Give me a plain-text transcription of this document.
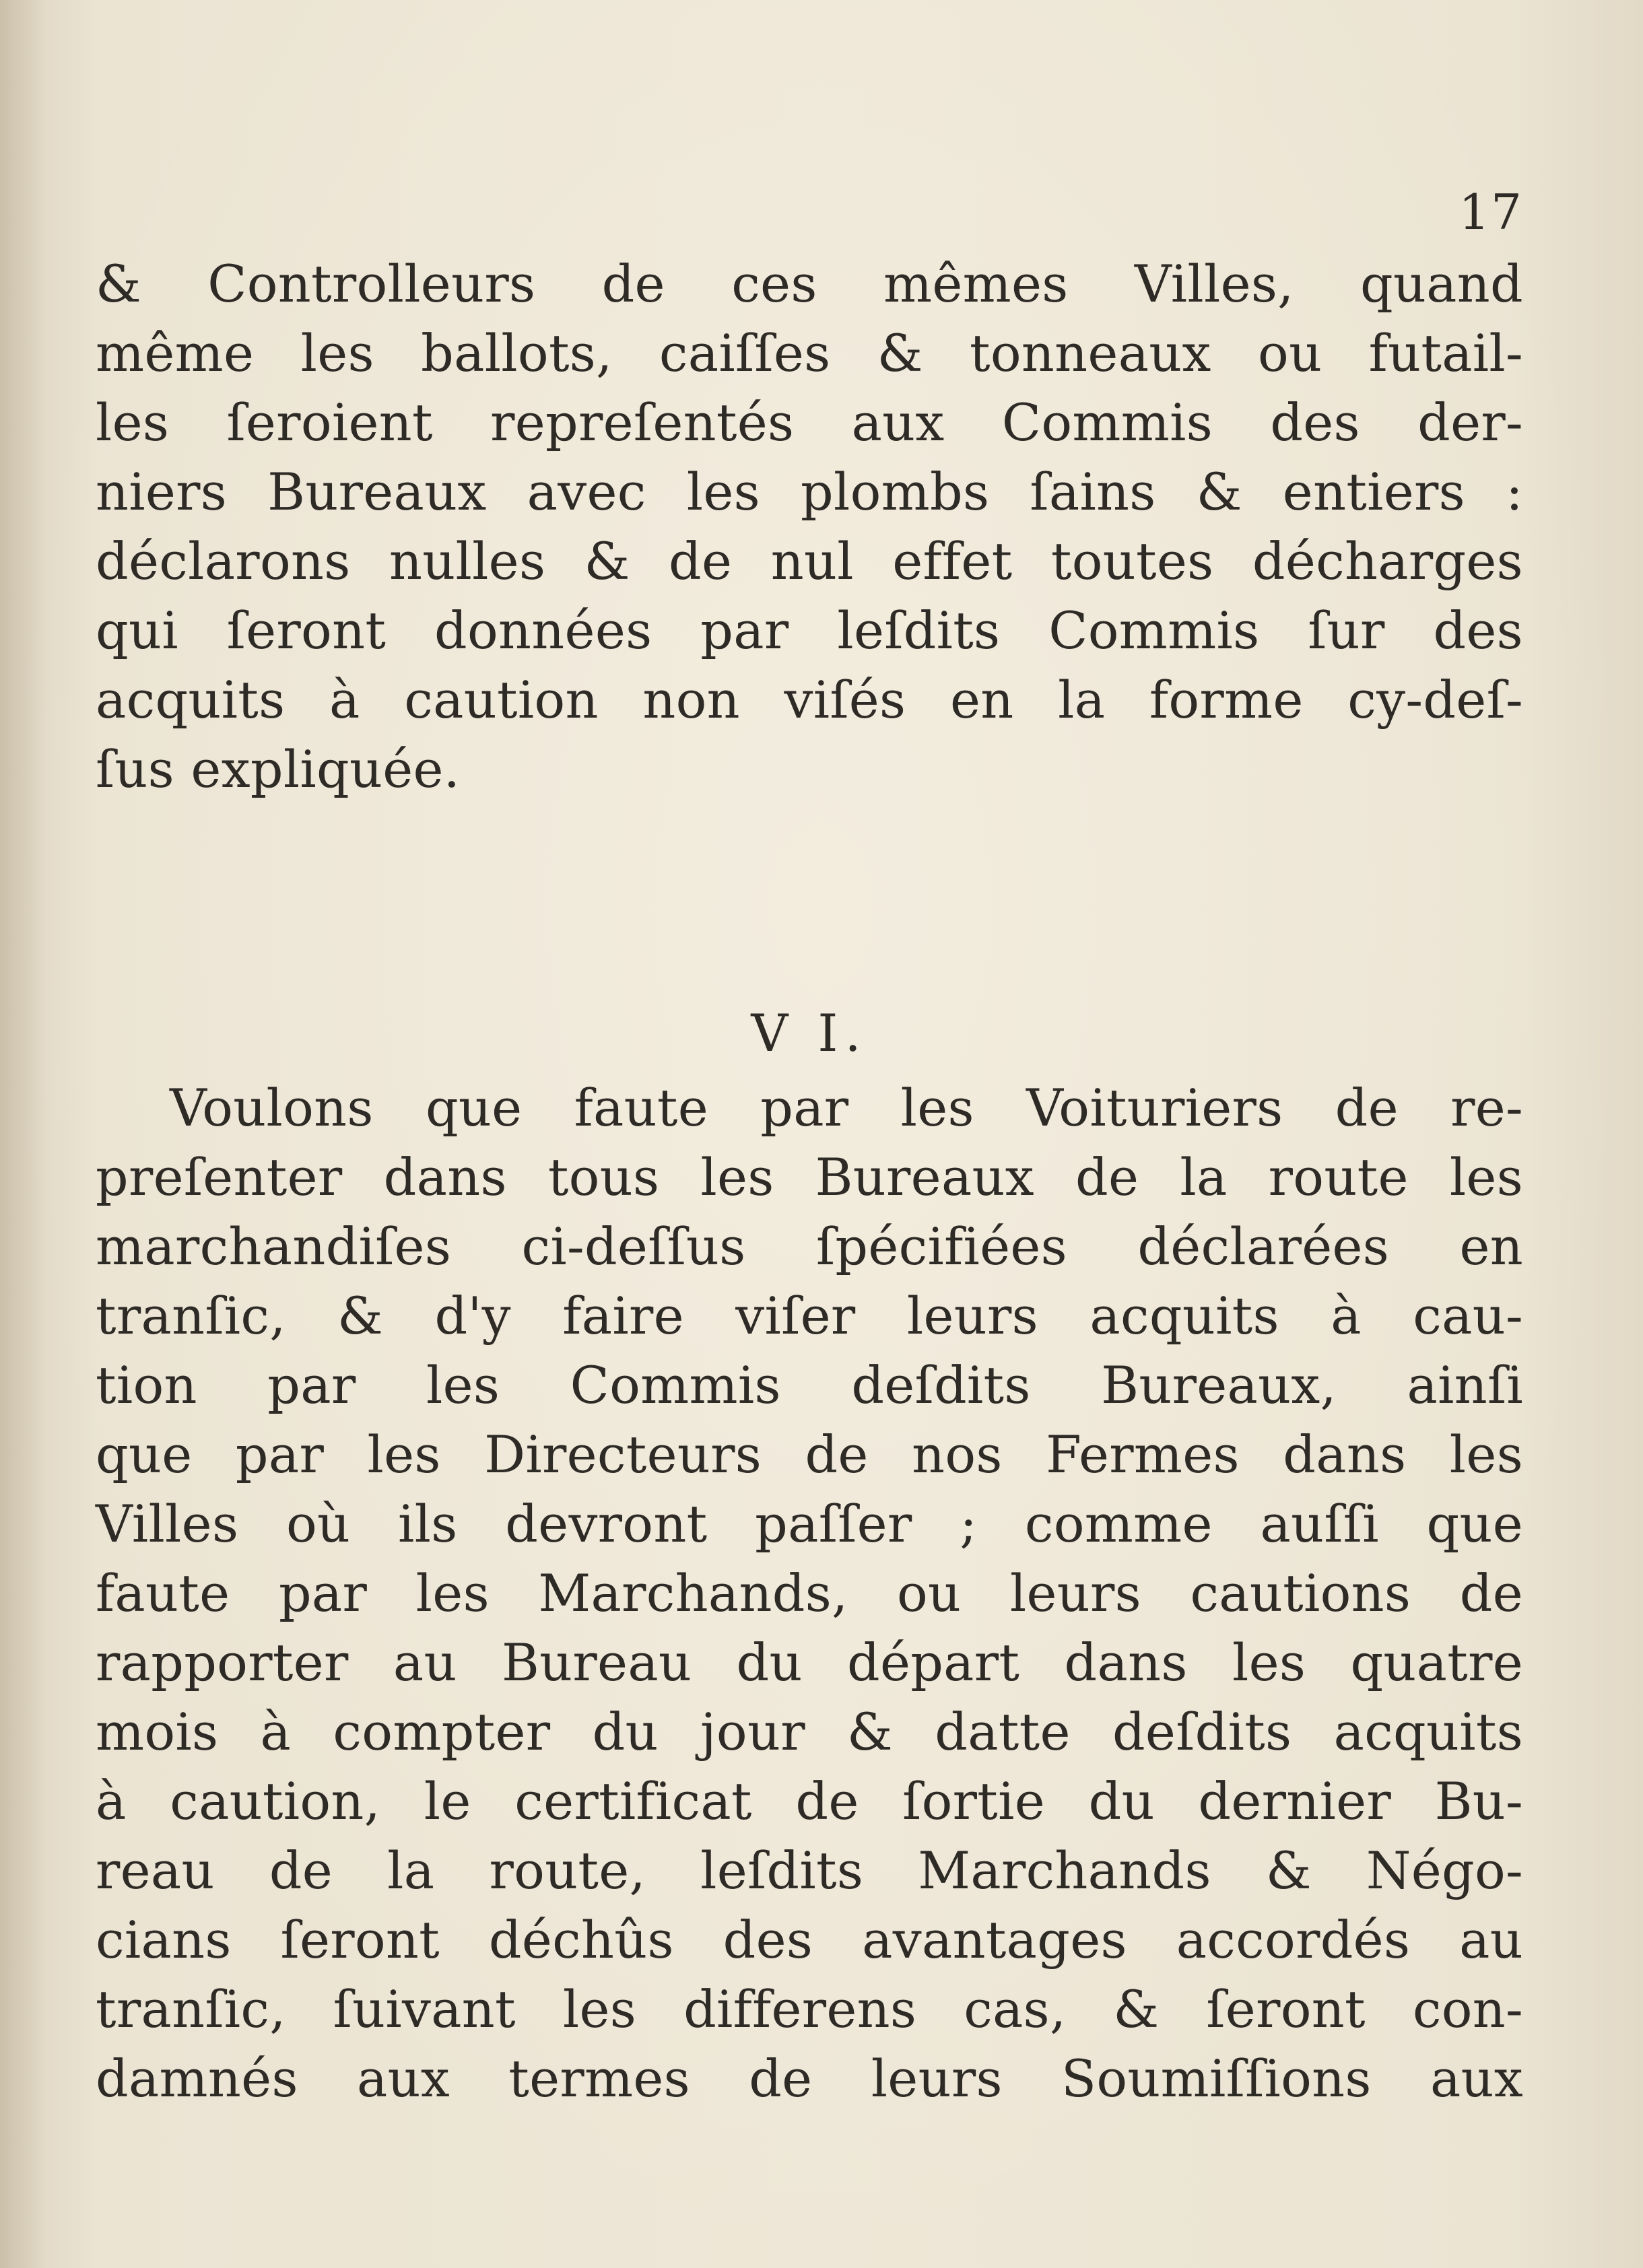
17
& Controlleurs de ces mêmes Villes, quand
même les ballots, caiſſes & tonneaux ou futail-
les ſeroient repreſentés aux Commis des der-
niers Bureaux avec les plombs ſains & entiers :
déclarons nulles & de nul effet toutes décharges
qui ſeront données par leſdits Commis ſur des
acquits à caution non viſés en la forme cy-deſ-
ſus expliquée.
V I.
Voulons que faute par les Voituriers de re-
preſenter dans tous les Bureaux de la route les
marchandiſes ci-deſſus ſpécifiées déclarées en
tranſic, & d'y faire viſer leurs acquits à cau-
tion par les Commis deſdits Bureaux, ainſi
que par les Directeurs de nos Fermes dans les
Villes où ils devront paſſer ; comme auſſi que
faute par les Marchands, ou leurs cautions de
rapporter au Bureau du départ dans les quatre
mois à compter du jour & datte deſdits acquits
à caution, le certificat de ſortie du dernier Bu-
reau de la route, leſdits Marchands & Négo-
cians ſeront déchûs des avantages accordés au
tranſic, ſuivant les differens cas, & ſeront con-
damnés aux termes de leurs Soumiſſions aux
